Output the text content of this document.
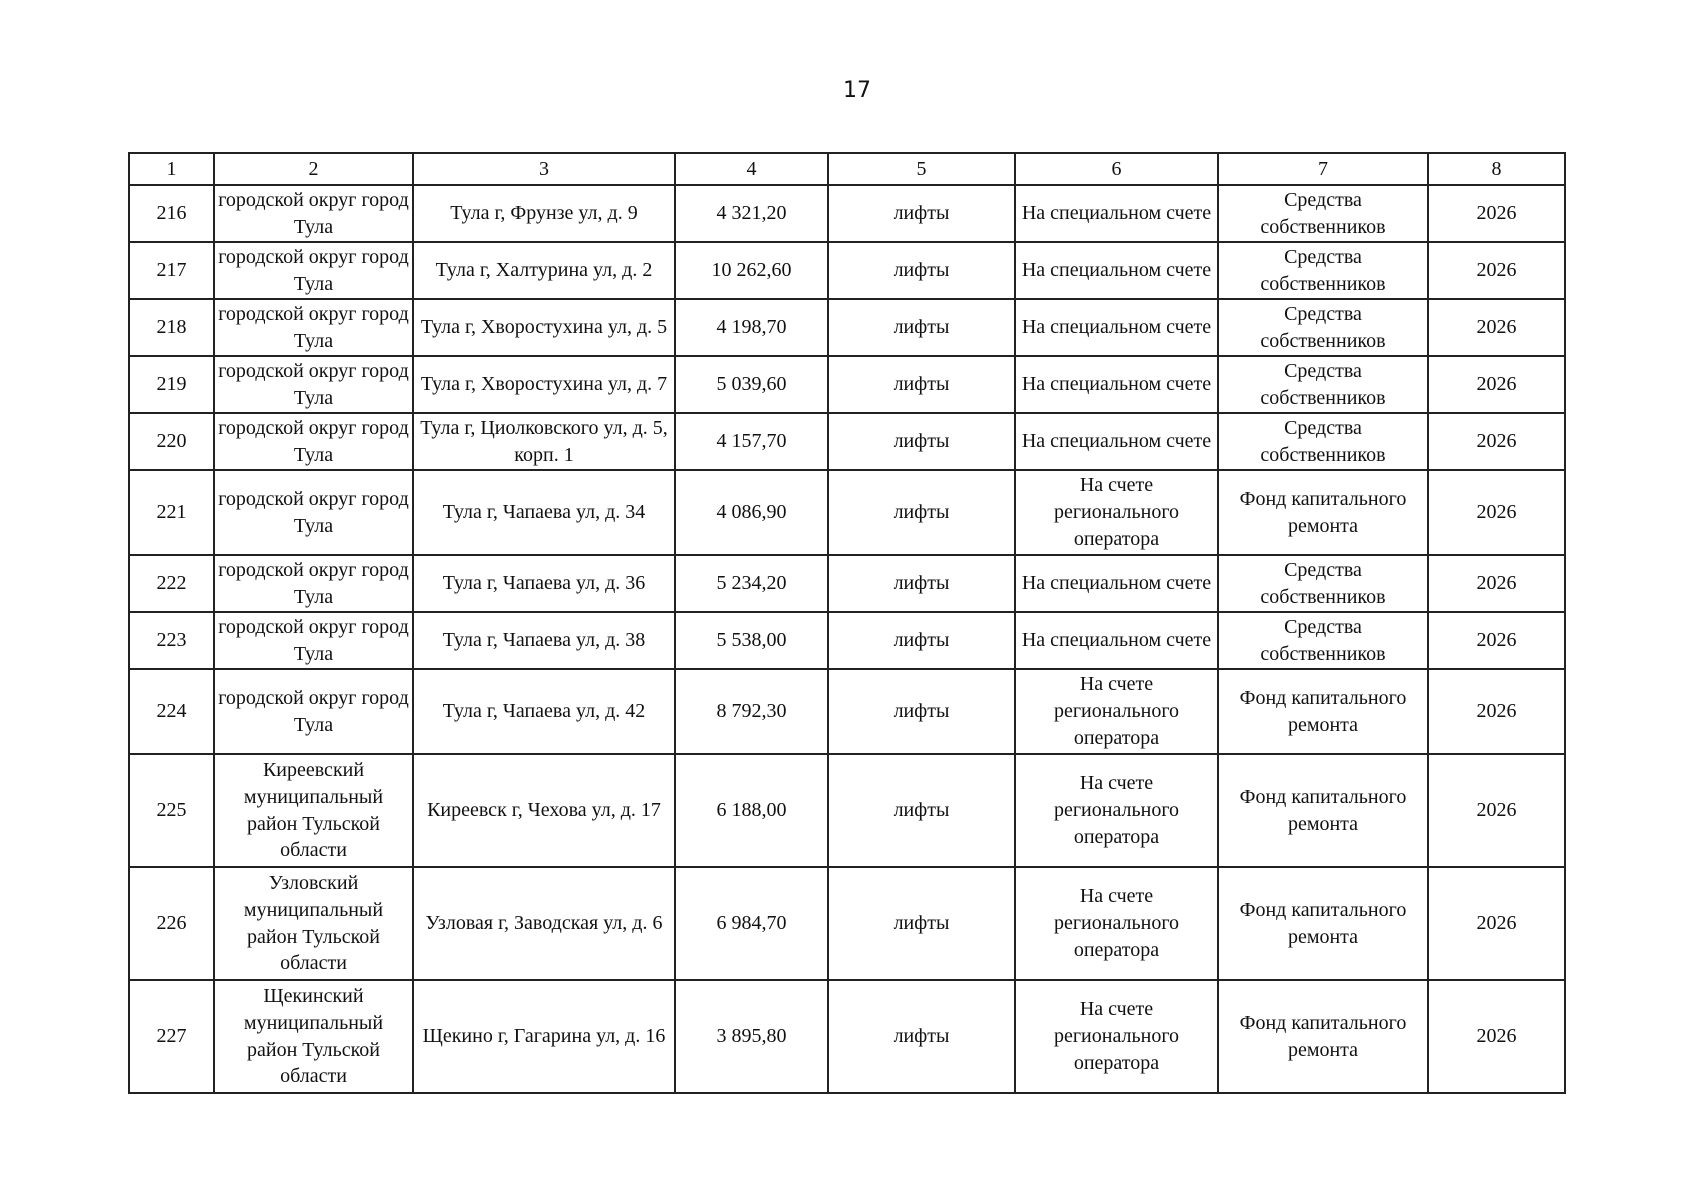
17
1	2	3	4	5	6	7	8
216	городской округ город Тула	Тула г, Фрунзе ул, д. 9	4 321,20	лифты	На специальном счете	Средства собственников	2026
217	городской округ город Тула	Тула г, Халтурина ул, д. 2	10 262,60	лифты	На специальном счете	Средства собственников	2026
218	городской округ город Тула	Тула г, Хворостухина ул, д. 5	4 198,70	лифты	На специальном счете	Средства собственников	2026
219	городской округ город Тула	Тула г, Хворостухина ул, д. 7	5 039,60	лифты	На специальном счете	Средства собственников	2026
220	городской округ город Тула	Тула г, Циолковского ул, д. 5, корп. 1	4 157,70	лифты	На специальном счете	Средства собственников	2026
221	городской округ город Тула	Тула г, Чапаева ул, д. 34	4 086,90	лифты	На счете регионального оператора	Фонд капитального ремонта	2026
222	городской округ город Тула	Тула г, Чапаева ул, д. 36	5 234,20	лифты	На специальном счете	Средства собственников	2026
223	городской округ город Тула	Тула г, Чапаева ул, д. 38	5 538,00	лифты	На специальном счете	Средства собственников	2026
224	городской округ город Тула	Тула г, Чапаева ул, д. 42	8 792,30	лифты	На счете регионального оператора	Фонд капитального ремонта	2026
225	Киреевский муниципальный район Тульской области	Киреевск г, Чехова ул, д. 17	6 188,00	лифты	На счете регионального оператора	Фонд капитального ремонта	2026
226	Узловский муниципальный район Тульской области	Узловая г, Заводская ул, д. 6	6 984,70	лифты	На счете регионального оператора	Фонд капитального ремонта	2026
227	Щекинский муниципальный район Тульской области	Щекино г, Гагарина ул, д. 16	3 895,80	лифты	На счете регионального оператора	Фонд капитального ремонта	2026
